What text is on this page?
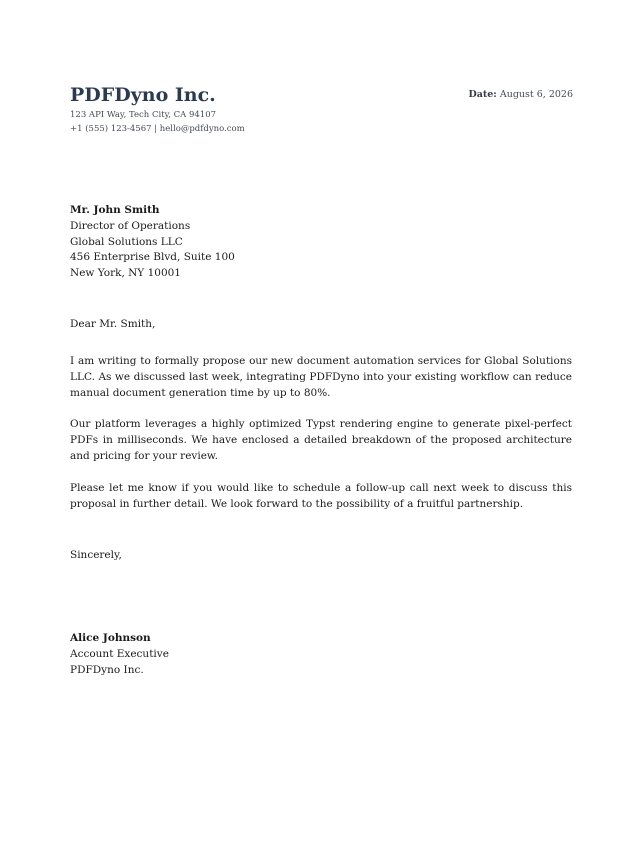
PDFDyno Inc.
123 API Way, Tech City, CA 94107
+1 (555) 123-4567 | hello@pdfdyno.com
Date: August 6, 2026
Mr. John Smith
Director of Operations
Global Solutions LLC
456 Enterprise Blvd, Suite 100
New York, NY 10001
Dear Mr. Smith,

I am writing to formally propose our new document automation services for Global Solutions LLC. As we discussed last week, integrating PDFDyno into your existing workflow can reduce manual document generation time by up to 80%.

Our platform leverages a highly optimized Typst rendering engine to generate pixel-perfect PDFs in milliseconds. We have enclosed a detailed breakdown of the proposed architecture and pricing for your review.

Please let me know if you would like to schedule a follow-up call next week to discuss this proposal in further detail. We look forward to the possibility of a fruitful partnership.

Sincerely,
Alice Johnson
Account Executive
PDFDyno Inc.
